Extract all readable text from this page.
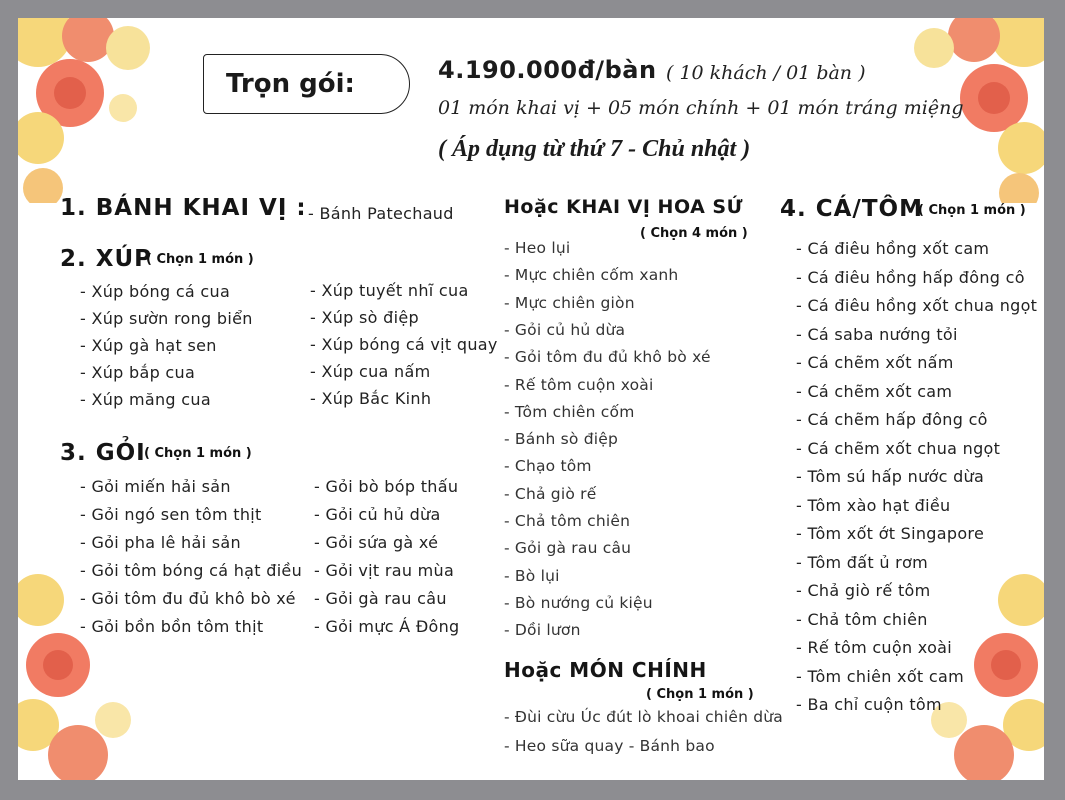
Trọn gói:	4.190.000đ/bàn ( 10 khách / 01 bàn )
01 món khai vị + 05 món chính + 01 món tráng miệng
( Áp dụng từ thứ 7 - Chủ nhật )
1. BÁNH KHAI VỊ : - Bánh Patechaud
2. XÚP
( Chọn 1 món )
- Xúp bóng cá cua
- Xúp sườn rong biển
- Xúp gà hạt sen
- Xúp bắp cua
- Xúp măng cua
- Xúp tuyết nhĩ cua
- Xúp sò điệp
- Xúp bóng cá vịt quay
- Xúp cua nấm
- Xúp Bắc Kinh
3. GỎI
( Chọn 1 món )
- Gỏi miến hải sản
- Gỏi ngó sen tôm thịt
- Gỏi pha lê hải sản
- Gỏi tôm bóng cá hạt điều
- Gỏi tôm đu đủ khô bò xé
- Gỏi bồn bồn tôm thịt
- Gỏi bò bóp thấu
- Gỏi củ hủ dừa
- Gỏi sứa gà xé
- Gỏi vịt rau mùa
- Gỏi gà rau câu
- Gỏi mực Á Đông
Hoặc KHAI VỊ HOA SỨ
( Chọn 4 món )
- Heo lụi
- Mực chiên cốm xanh
- Mực chiên giòn
- Gỏi củ hủ dừa
- Gỏi tôm đu đủ khô bò xé
- Rế tôm cuộn xoài
- Tôm chiên cốm
- Bánh sò điệp
- Chạo tôm
- Chả giò rế
- Chả tôm chiên
- Gỏi gà rau câu
- Bò lụi
- Bò nướng củ kiệu
- Dồi lươn
Hoặc MÓN CHÍNH
( Chọn 1 món )
- Đùi cừu Úc đút lò khoai chiên dừa
- Heo sữa quay - Bánh bao
4. CÁ/TÔM
( Chọn 1 món )
- Cá điêu hồng xốt cam
- Cá điêu hồng hấp đông cô
- Cá điêu hồng xốt chua ngọt
- Cá saba nướng tỏi
- Cá chẽm xốt nấm
- Cá chẽm xốt cam
- Cá chẽm hấp đông cô
- Cá chẽm xốt chua ngọt
- Tôm sú hấp nước dừa
- Tôm xào hạt điều
- Tôm xốt ớt Singapore
- Tôm đất ủ rơm
- Chả giò rế tôm
- Chả tôm chiên
- Rế tôm cuộn xoài
- Tôm chiên xốt cam
- Ba chỉ cuộn tôm
